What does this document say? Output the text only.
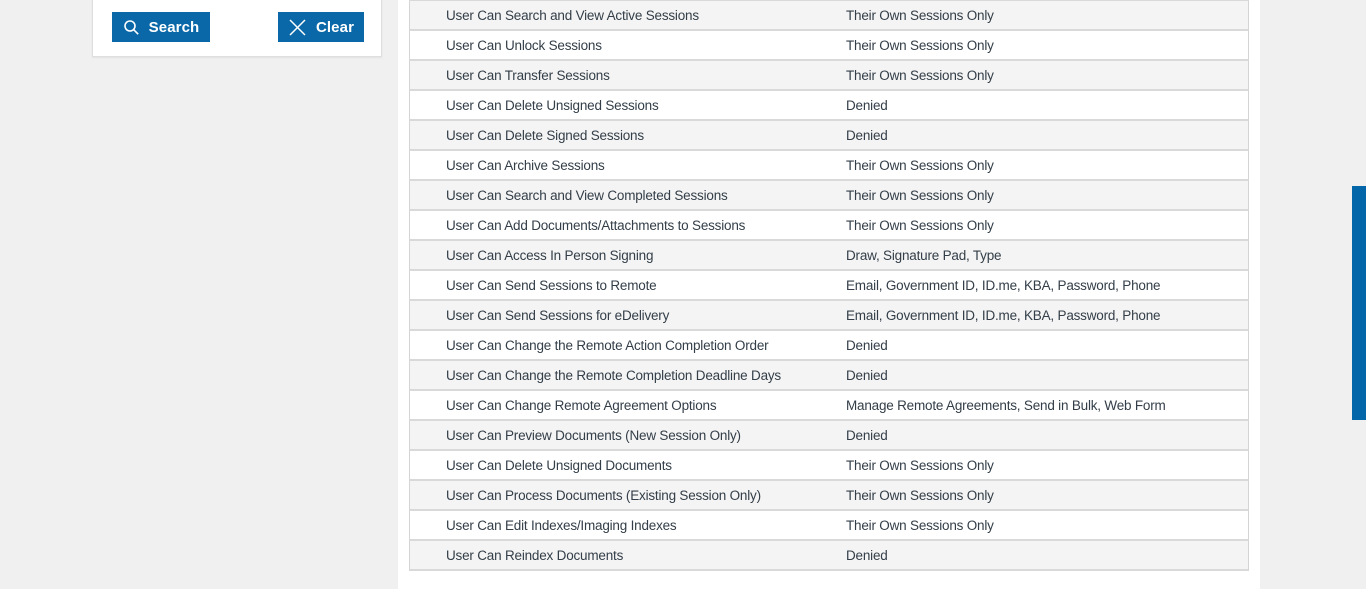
Search	Clear
User Can Search and View Active Sessions	Their Own Sessions Only
User Can Unlock Sessions	Their Own Sessions Only
User Can Transfer Sessions	Their Own Sessions Only
User Can Delete Unsigned Sessions	Denied
User Can Delete Signed Sessions	Denied
User Can Archive Sessions	Their Own Sessions Only
User Can Search and View Completed Sessions	Their Own Sessions Only
User Can Add Documents/Attachments to Sessions	Their Own Sessions Only
User Can Access In Person Signing	Draw, Signature Pad, Type
User Can Send Sessions to Remote	Email, Government ID, ID.me, KBA, Password, Phone
User Can Send Sessions for eDelivery	Email, Government ID, ID.me, KBA, Password, Phone
User Can Change the Remote Action Completion Order	Denied
User Can Change the Remote Completion Deadline Days	Denied
User Can Change Remote Agreement Options	Manage Remote Agreements, Send in Bulk, Web Form
User Can Preview Documents (New Session Only)	Denied
User Can Delete Unsigned Documents	Their Own Sessions Only
User Can Process Documents (Existing Session Only)	Their Own Sessions Only
User Can Edit Indexes/Imaging Indexes	Their Own Sessions Only
User Can Reindex Documents	Denied
